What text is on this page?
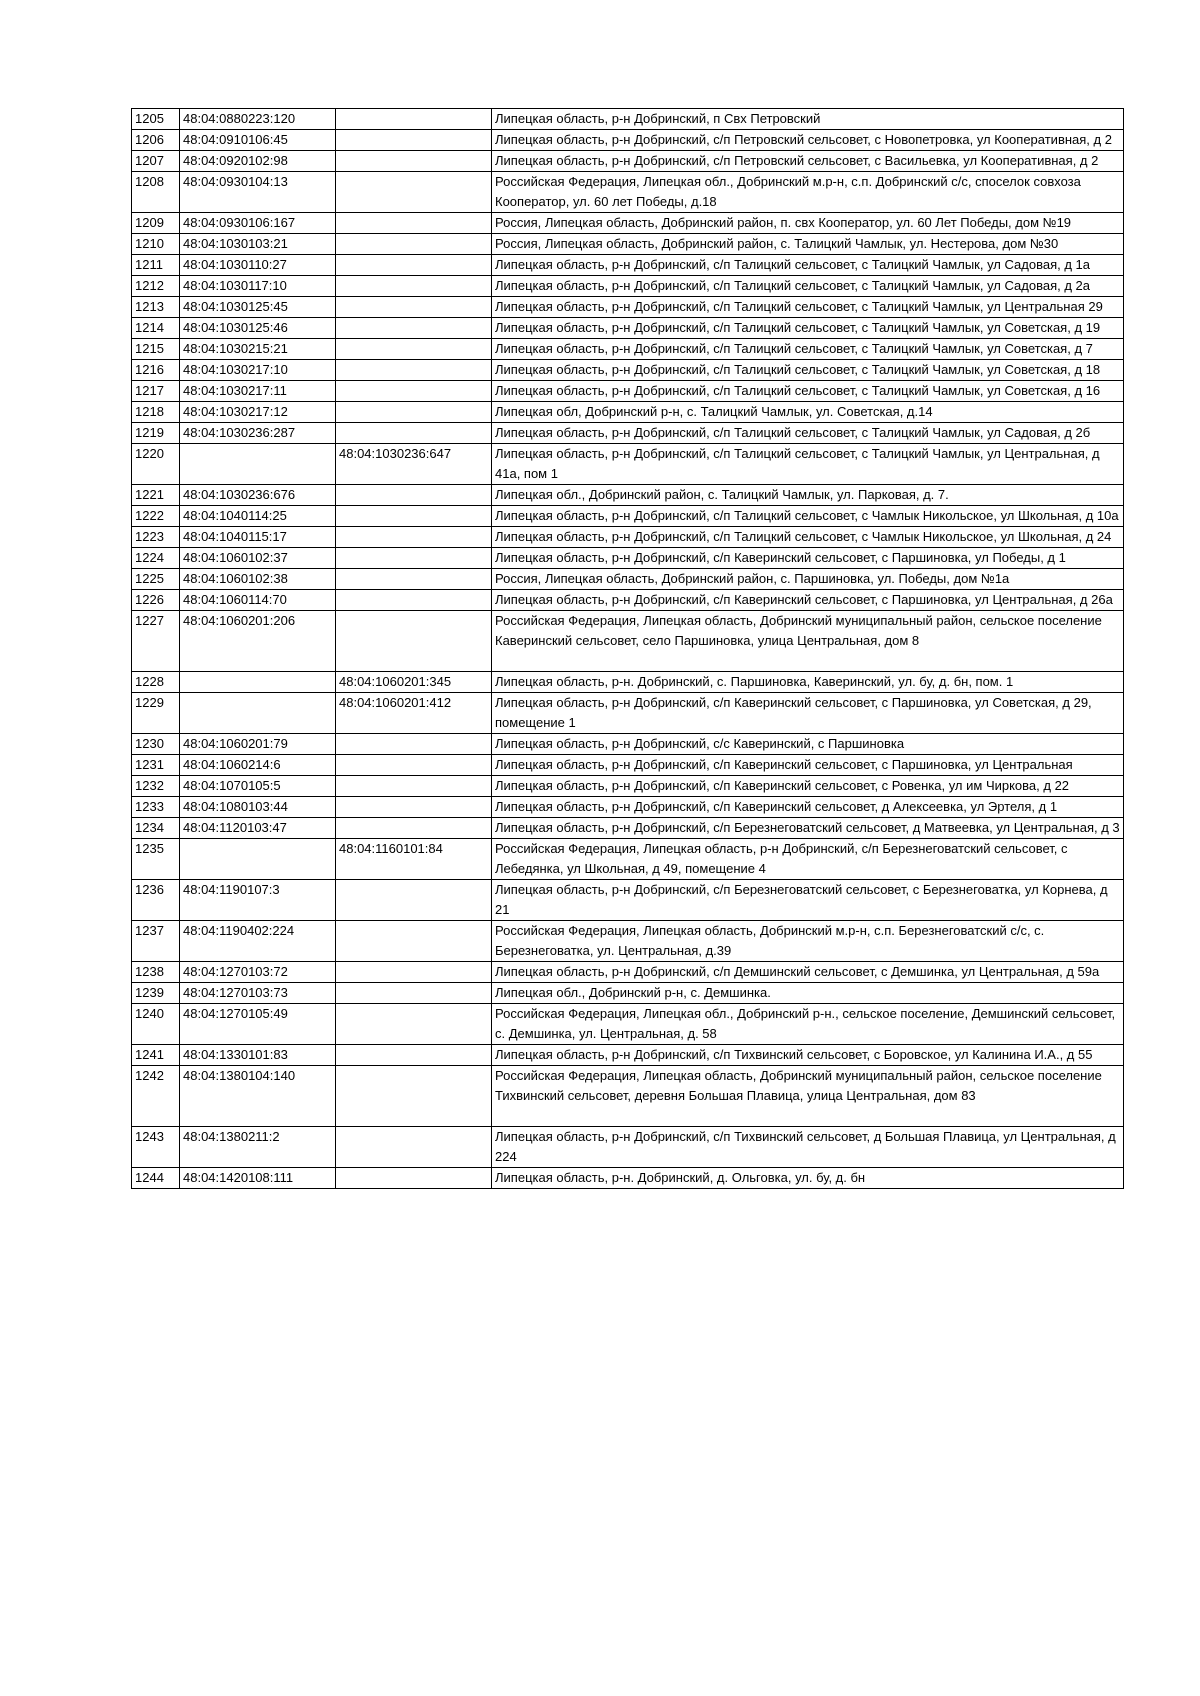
1205	48:04:0880223:120		Липецкая область, р-н Добринский, п Свх Петровский
1206	48:04:0910106:45		Липецкая область, р-н Добринский, с/п Петровский сельсовет, с Новопетровка, ул Кооперативная, д 2
1207	48:04:0920102:98		Липецкая область, р-н Добринский, с/п Петровский сельсовет, с Васильевка, ул Кооперативная, д 2
1208	48:04:0930104:13		Российская Федерация, Липецкая обл., Добринский м.р-н, с.п. Добринский с/с, споселок совхоза Кооператор, ул. 60 лет Победы, д.18
1209	48:04:0930106:167		Россия, Липецкая область, Добринский район, п. свх Кооператор, ул. 60 Лет Победы, дом №19
1210	48:04:1030103:21		Россия, Липецкая область, Добринский район, с. Талицкий Чамлык, ул. Нестерова, дом №30
1211	48:04:1030110:27		Липецкая область, р-н Добринский, с/п Талицкий сельсовет, с Талицкий Чамлык, ул Садовая, д 1а
1212	48:04:1030117:10		Липецкая область, р-н Добринский, с/п Талицкий сельсовет, с Талицкий Чамлык, ул Садовая, д 2а
1213	48:04:1030125:45		Липецкая область, р-н Добринский, с/п Талицкий сельсовет, с Талицкий Чамлык, ул Центральная 29
1214	48:04:1030125:46		Липецкая область, р-н Добринский, с/п Талицкий сельсовет, с Талицкий Чамлык, ул Советская, д 19
1215	48:04:1030215:21		Липецкая область, р-н Добринский, с/п Талицкий сельсовет, с Талицкий Чамлык, ул Советская, д 7
1216	48:04:1030217:10		Липецкая область, р-н Добринский, с/п Талицкий сельсовет, с Талицкий Чамлык, ул Советская, д 18
1217	48:04:1030217:11		Липецкая область, р-н Добринский, с/п Талицкий сельсовет, с Талицкий Чамлык, ул Советская, д 16
1218	48:04:1030217:12		Липецкая обл, Добринский р-н, с. Талицкий Чамлык, ул. Советская, д.14
1219	48:04:1030236:287		Липецкая область, р-н Добринский, с/п Талицкий сельсовет, с Талицкий Чамлык, ул Садовая, д 2б
1220		48:04:1030236:647	Липецкая область, р-н Добринский, с/п Талицкий сельсовет, с Талицкий Чамлык, ул Центральная, д 41а, пом 1
1221	48:04:1030236:676		Липецкая обл., Добринский район, с. Талицкий Чамлык, ул. Парковая, д. 7.
1222	48:04:1040114:25		Липецкая область, р-н Добринский, с/п Талицкий сельсовет, с Чамлык Никольское, ул Школьная, д 10а
1223	48:04:1040115:17		Липецкая область, р-н Добринский, с/п Талицкий сельсовет, с Чамлык Никольское, ул Школьная, д 24
1224	48:04:1060102:37		Липецкая область, р-н Добринский, с/п Каверинский сельсовет, с Паршиновка, ул Победы, д 1
1225	48:04:1060102:38		Россия, Липецкая область, Добринский район, с. Паршиновка, ул. Победы, дом №1а
1226	48:04:1060114:70		Липецкая область, р-н Добринский, с/п Каверинский сельсовет, с Паршиновка, ул Центральная, д 26а
1227	48:04:1060201:206		Российская Федерация, Липецкая область, Добринский муниципальный район, сельское поселение Каверинский сельсовет, село Паршиновка, улица Центральная, дом 8
1228		48:04:1060201:345	Липецкая область, р-н. Добринский, с. Паршиновка, Каверинский, ул. бу, д. бн, пом. 1
1229		48:04:1060201:412	Липецкая область, р-н Добринский, с/п Каверинский сельсовет, с Паршиновка, ул Советская, д 29, помещение 1
1230	48:04:1060201:79		Липецкая область, р-н Добринский, с/с Каверинский, с Паршиновка
1231	48:04:1060214:6		Липецкая область, р-н Добринский, с/п Каверинский сельсовет, с Паршиновка, ул Центральная
1232	48:04:1070105:5		Липецкая область, р-н Добринский, с/п Каверинский сельсовет, с Ровенка, ул им Чиркова, д 22
1233	48:04:1080103:44		Липецкая область, р-н Добринский, с/п Каверинский сельсовет, д Алексеевка, ул Эртеля, д 1
1234	48:04:1120103:47		Липецкая область, р-н Добринский, с/п Березнеговатский сельсовет, д Матвеевка, ул Центральная, д 3
1235		48:04:1160101:84	Российская Федерация, Липецкая область, р-н Добринский, с/п Березнеговатский сельсовет, с Лебедянка, ул Школьная, д 49, помещение 4
1236	48:04:1190107:3		Липецкая область, р-н Добринский, с/п Березнеговатский сельсовет, с Березнеговатка, ул Корнева, д 21
1237	48:04:1190402:224		Российская Федерация, Липецкая область, Добринский м.р-н, с.п. Березнеговатский с/с, с. Березнеговатка, ул. Центральная, д.39
1238	48:04:1270103:72		Липецкая область, р-н Добринский, с/п Демшинский сельсовет, с Демшинка, ул Центральная, д 59а
1239	48:04:1270103:73		Липецкая обл., Добринский р-н, с. Демшинка.
1240	48:04:1270105:49		Российская Федерация, Липецкая обл., Добринский р-н., сельское поселение, Демшинский сельсовет, с. Демшинка, ул. Центральная, д. 58
1241	48:04:1330101:83		Липецкая область, р-н Добринский, с/п Тихвинский сельсовет, с Боровское, ул Калинина И.А., д 55
1242	48:04:1380104:140		Российская Федерация, Липецкая область, Добринский муниципальный район, сельское поселение Тихвинский сельсовет, деревня Большая Плавица, улица Центральная, дом 83
1243	48:04:1380211:2		Липецкая область, р-н Добринский, с/п Тихвинский сельсовет, д Большая Плавица, ул Центральная, д 224
1244	48:04:1420108:111		Липецкая область, р-н. Добринский, д. Ольговка, ул. бу, д. бн
